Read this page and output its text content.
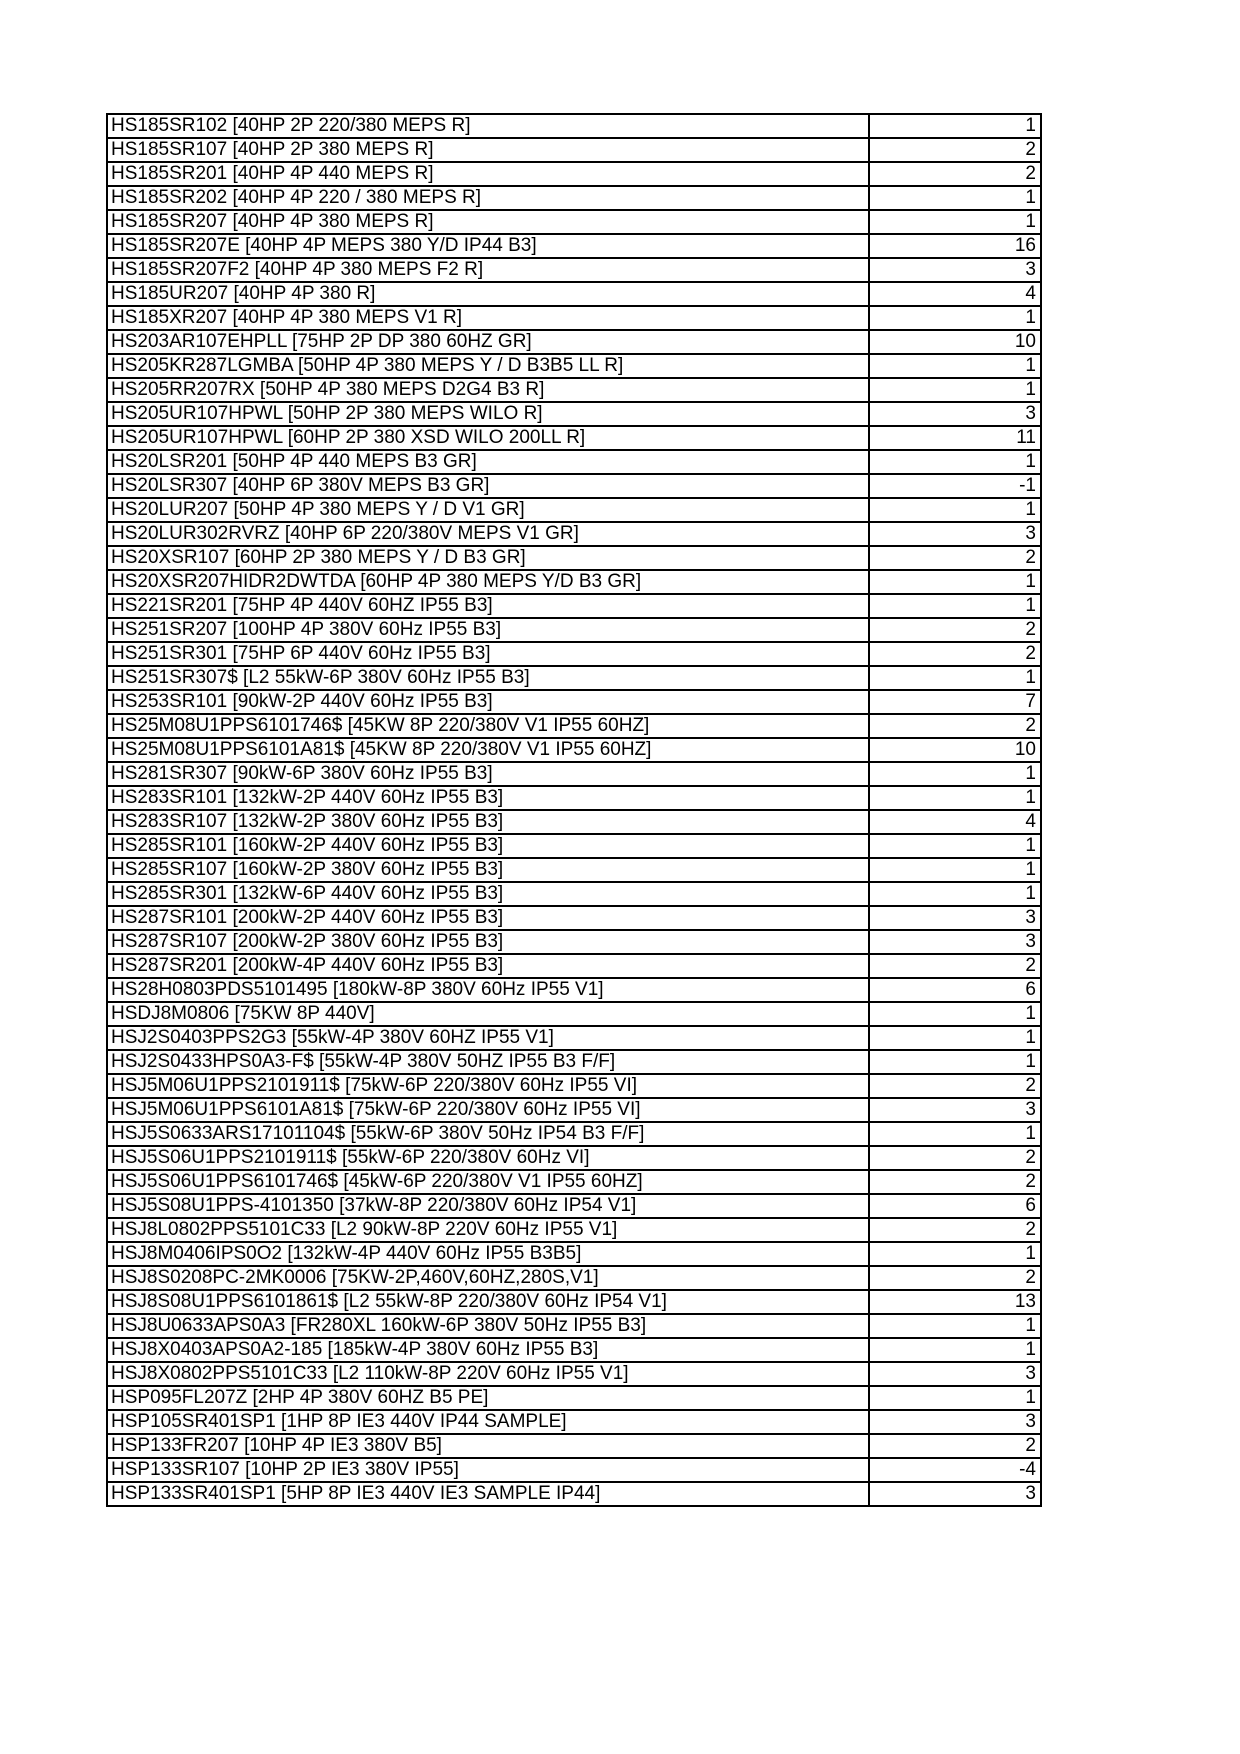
HS185SR102 [40HP 2P 220/380 MEPS R]	1
HS185SR107 [40HP 2P 380 MEPS R]	2
HS185SR201 [40HP 4P 440 MEPS R]	2
HS185SR202 [40HP 4P 220 / 380 MEPS R]	1
HS185SR207 [40HP 4P 380 MEPS R]	1
HS185SR207E [40HP 4P MEPS 380 Y/D IP44 B3]	16
HS185SR207F2 [40HP 4P 380 MEPS F2 R]	3
HS185UR207 [40HP 4P 380 R]	4
HS185XR207 [40HP 4P 380 MEPS V1 R]	1
HS203AR107EHPLL [75HP 2P DP 380 60HZ GR]	10
HS205KR287LGMBA [50HP 4P 380 MEPS Y / D B3B5 LL R]	1
HS205RR207RX [50HP 4P 380 MEPS D2G4 B3 R]	1
HS205UR107HPWL [50HP 2P 380 MEPS WILO R]	3
HS205UR107HPWL [60HP 2P 380 XSD WILO 200LL R]	11
HS20LSR201 [50HP 4P 440 MEPS B3 GR]	1
HS20LSR307 [40HP 6P 380V MEPS B3 GR]	-1
HS20LUR207 [50HP 4P 380 MEPS Y / D V1 GR]	1
HS20LUR302RVRZ [40HP 6P 220/380V MEPS V1 GR]	3
HS20XSR107 [60HP 2P 380 MEPS Y / D B3 GR]	2
HS20XSR207HIDR2DWTDA [60HP 4P 380 MEPS Y/D B3 GR]	1
HS221SR201 [75HP 4P 440V 60HZ IP55 B3]	1
HS251SR207 [100HP 4P 380V 60Hz IP55 B3]	2
HS251SR301 [75HP 6P 440V 60Hz IP55 B3]	2
HS251SR307$ [L2 55kW-6P 380V 60Hz IP55 B3]	1
HS253SR101 [90kW-2P 440V 60Hz IP55 B3]	7
HS25M08U1PPS6101746$ [45KW 8P 220/380V V1 IP55 60HZ]	2
HS25M08U1PPS6101A81$ [45KW 8P 220/380V V1 IP55 60HZ]	10
HS281SR307 [90kW-6P 380V 60Hz IP55 B3]	1
HS283SR101 [132kW-2P 440V 60Hz IP55 B3]	1
HS283SR107 [132kW-2P 380V 60Hz IP55 B3]	4
HS285SR101 [160kW-2P 440V 60Hz IP55 B3]	1
HS285SR107 [160kW-2P 380V 60Hz IP55 B3]	1
HS285SR301 [132kW-6P 440V 60Hz IP55 B3]	1
HS287SR101 [200kW-2P 440V 60Hz IP55 B3]	3
HS287SR107 [200kW-2P 380V 60Hz IP55 B3]	3
HS287SR201 [200kW-4P 440V 60Hz IP55 B3]	2
HS28H0803PDS5101495 [180kW-8P 380V 60Hz IP55 V1]	6
HSDJ8M0806 [75KW 8P 440V]	1
HSJ2S0403PPS2G3 [55kW-4P 380V 60HZ IP55 V1]	1
HSJ2S0433HPS0A3-F$ [55kW-4P 380V 50HZ IP55 B3 F/F]	1
HSJ5M06U1PPS2101911$ [75kW-6P 220/380V 60Hz IP55 VI]	2
HSJ5M06U1PPS6101A81$ [75kW-6P 220/380V 60Hz IP55 VI]	3
HSJ5S0633ARS17101104$ [55kW-6P 380V 50Hz IP54 B3 F/F]	1
HSJ5S06U1PPS2101911$ [55kW-6P 220/380V 60Hz VI]	2
HSJ5S06U1PPS6101746$ [45kW-6P 220/380V V1 IP55 60HZ]	2
HSJ5S08U1PPS-4101350 [37kW-8P 220/380V 60Hz IP54 V1]	6
HSJ8L0802PPS5101C33 [L2 90kW-8P 220V 60Hz IP55 V1]	2
HSJ8M0406IPS0O2 [132kW-4P 440V 60Hz IP55 B3B5]	1
HSJ8S0208PC-2MK0006 [75KW-2P,460V,60HZ,280S,V1]	2
HSJ8S08U1PPS6101861$ [L2 55kW-8P 220/380V 60Hz IP54 V1]	13
HSJ8U0633APS0A3 [FR280XL 160kW-6P 380V 50Hz IP55 B3]	1
HSJ8X0403APS0A2-185 [185kW-4P 380V 60Hz IP55 B3]	1
HSJ8X0802PPS5101C33 [L2 110kW-8P 220V 60Hz IP55 V1]	3
HSP095FL207Z [2HP 4P 380V 60HZ B5 PE]	1
HSP105SR401SP1 [1HP 8P IE3 440V IP44 SAMPLE]	3
HSP133FR207 [10HP 4P IE3 380V B5]	2
HSP133SR107 [10HP 2P IE3 380V IP55]	-4
HSP133SR401SP1 [5HP 8P IE3 440V IE3 SAMPLE IP44]	3
